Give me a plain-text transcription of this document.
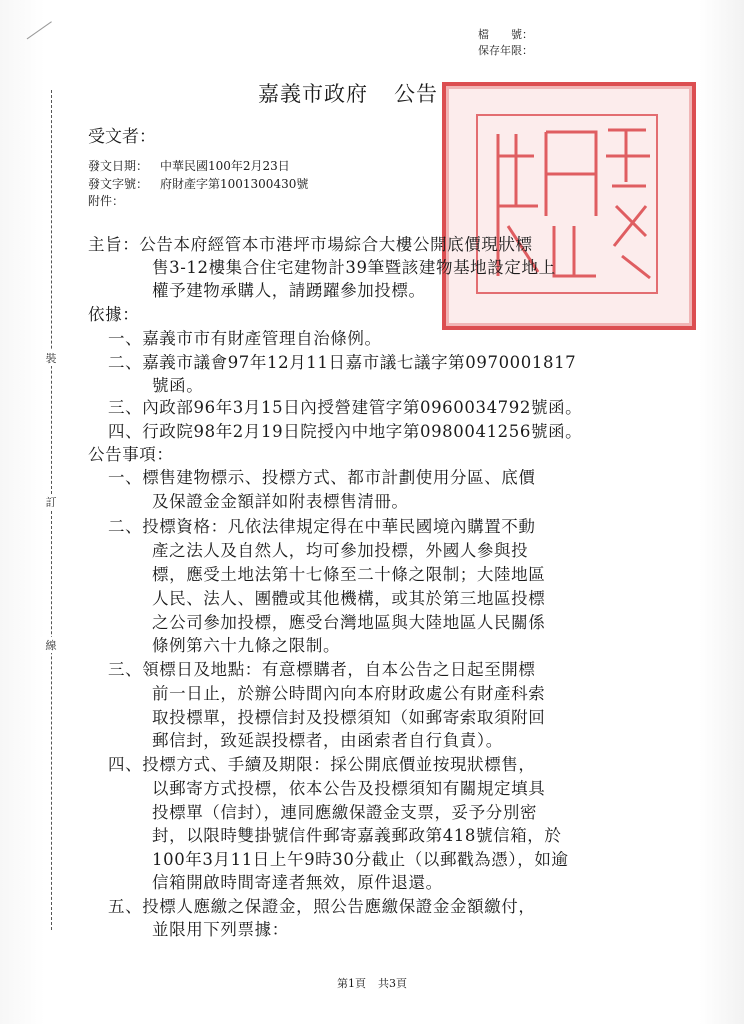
檔　　號：
保存年限：
裝
訂
線
嘉義市政府 公告
受文者：
發文日期： 中華民國100年2月23日
發文字號： 府財產字第1001300430號
附件：
主旨：公告本府經管本市港坪市場綜合大樓公開底價現狀標
售3-12樓集合住宅建物計39筆暨該建物基地設定地上
權予建物承購人，請踴躍參加投標。
依據：
一、嘉義市市有財產管理自治條例。
二、嘉義市議會97年12月11日嘉市議七議字第0970001817
號函。
三、內政部96年3月15日內授營建管字第0960034792號函。
四、行政院98年2月19日院授內中地字第0980041256號函。
公告事項：
一、標售建物標示、投標方式、都市計劃使用分區、底價
及保證金金額詳如附表標售清冊。
二、投標資格：凡依法律規定得在中華民國境內購置不動
產之法人及自然人，均可參加投標，外國人參與投
標，應受土地法第十七條至二十條之限制；大陸地區
人民、法人、團體或其他機構，或其於第三地區投標
之公司參加投標，應受台灣地區與大陸地區人民關係
條例第六十九條之限制。
三、領標日及地點：有意標購者，自本公告之日起至開標
前一日止，於辦公時間內向本府財政處公有財產科索
取投標單，投標信封及投標須知（如郵寄索取須附回
郵信封，致延誤投標者，由函索者自行負責）。
四、投標方式、手續及期限：採公開底價並按現狀標售，
以郵寄方式投標，依本公告及投標須知有關規定填具
投標單（信封），連同應繳保證金支票，妥予分別密
封，以限時雙掛號信件郵寄嘉義郵政第418號信箱，於
100年3月11日上午9時30分截止（以郵戳為憑），如逾
信箱開啟時間寄達者無效，原件退還。
五、投標人應繳之保證金，照公告應繳保證金金額繳付，
並限用下列票據：
第1頁 共3頁
